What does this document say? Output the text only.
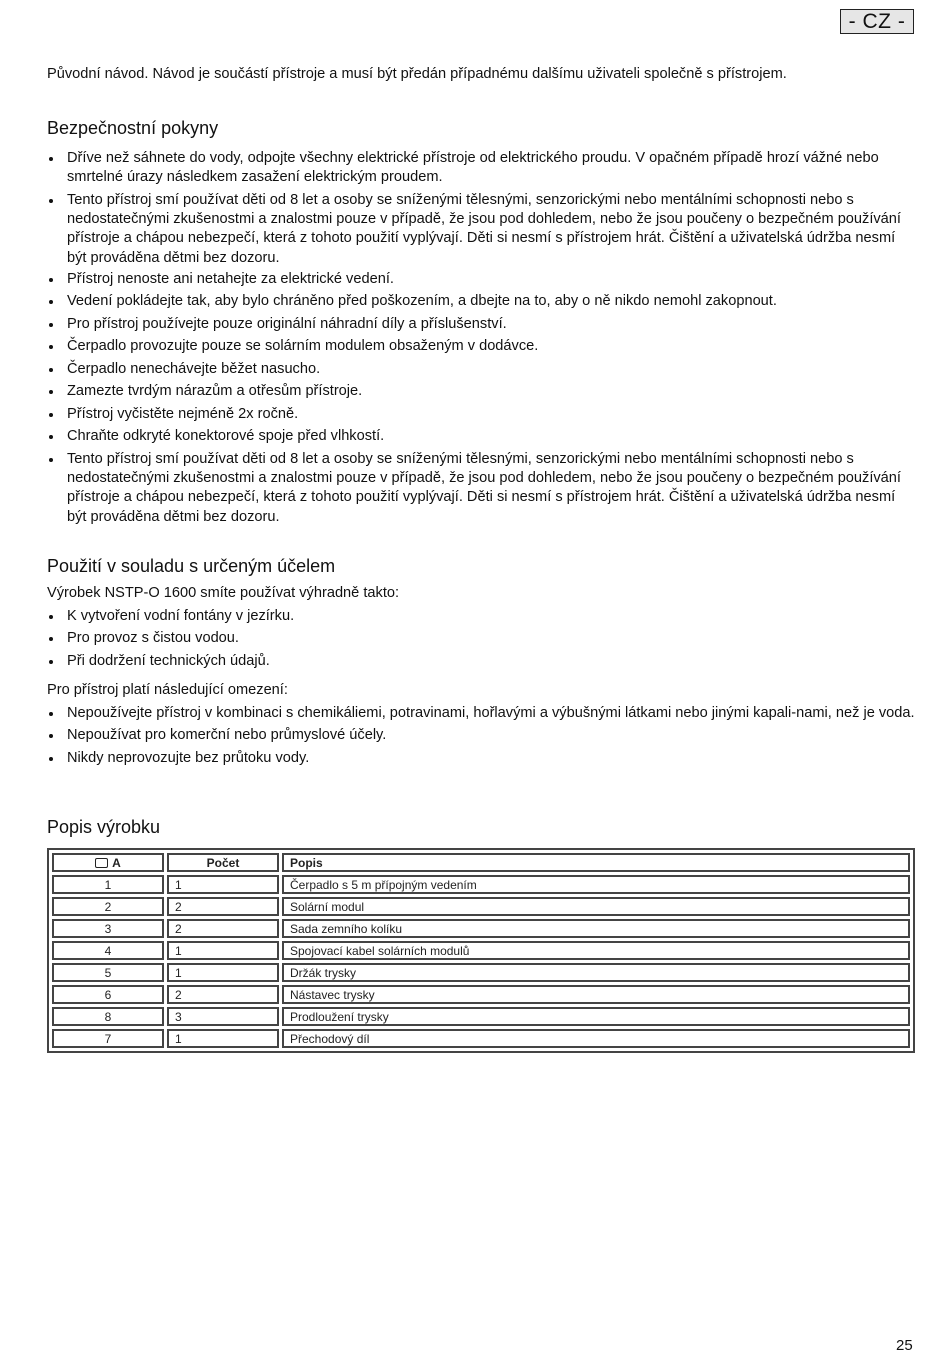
- CZ -
Původní návod. Návod je součástí přístroje a musí být předán případnému dalšímu uživateli společně s přístrojem.
Bezpečnostní pokyny
Dříve než sáhnete do vody, odpojte všechny elektrické přístroje od elektrického proudu. V opačném případě hrozí vážné nebo smrtelné úrazy následkem zasažení elektrickým proudem.
Tento přístroj smí používat děti od 8 let a osoby se sníženými tělesnými, senzorickými nebo mentálními schopnosti nebo s nedostatečnými zkušenostmi a znalostmi pouze v případě, že jsou pod dohledem, nebo že jsou poučeny o bezpečném používání přístroje a chápou nebezpečí, která z tohoto použití vyplývají. Děti si nesmí s přístrojem hrát. Čištění a uživatelská údržba nesmí být prováděna dětmi bez dozoru.
Přístroj nenoste ani netahejte za elektrické vedení.
Vedení pokládejte tak, aby bylo chráněno před poškozením, a dbejte na to, aby o ně nikdo nemohl zakopnout.
Pro přístroj používejte pouze originální náhradní díly a příslušenství.
Čerpadlo provozujte pouze se solárním modulem obsaženým v dodávce.
Čerpadlo nenechávejte běžet nasucho.
Zamezte tvrdým nárazům a otřesům přístroje.
Přístroj vyčistěte nejméně 2x ročně.
Chraňte odkryté konektorové spoje před vlhkostí.
Tento přístroj smí používat děti od 8 let a osoby se sníženými tělesnými, senzorickými nebo mentálními schopnosti nebo s nedostatečnými zkušenostmi a znalostmi pouze v případě, že jsou pod dohledem, nebo že jsou poučeny o bezpečném používání přístroje a chápou nebezpečí, která z tohoto použití vyplývají. Děti si nesmí s přístrojem hrát. Čištění a uživatelská údržba nesmí být prováděna dětmi bez dozoru.
Použití v souladu s určeným účelem
Výrobek NSTP-O 1600 smíte používat výhradně takto:
K vytvoření vodní fontány v jezírku.
Pro provoz s čistou vodou.
Při dodržení technických údajů.
Pro přístroj platí následující omezení:
Nepoužívejte přístroj v kombinaci s chemikáliemi, potravinami, hořlavými a výbušnými látkami nebo jinými kapali-nami, než je voda.
Nepoužívat pro komerční nebo průmyslové účely.
Nikdy neprovozujte bez průtoku vody.
Popis výrobku
A	Počet	Popis
1	1	Čerpadlo s 5 m přípojným vedením
2	2	Solární modul
3	2	Sada zemního kolíku
4	1	Spojovací kabel solárních modulů
5	1	Držák trysky
6	2	Nástavec trysky
8	3	Prodloužení trysky
7	1	Přechodový díl
25
